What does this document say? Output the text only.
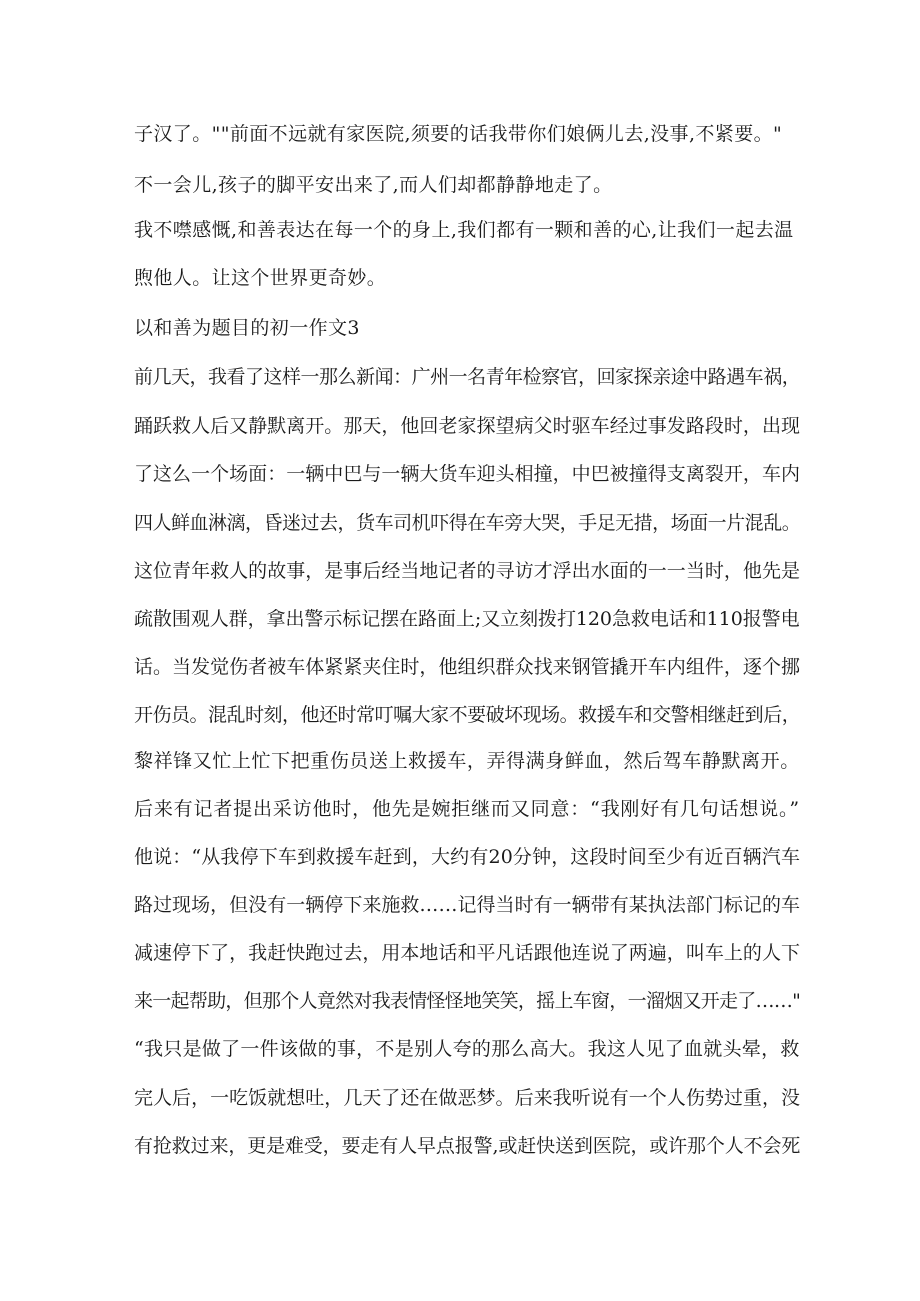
子汉了。""前面不远就有家医院,须要的话我带你们娘俩儿去,没事,不紧要。"
不一会儿,孩子的脚平安出来了,而人们却都静静地走了。
我不噤感慨,和善表达在每一个的身上,我们都有一颗和善的心,让我们一起去温
煦他人。让这个世界更奇妙。
以和善为题目的初一作文3
前几天，我看了这样一那么新闻：广州一名青年检察官，回家探亲途中路遇车祸，
踊跃救人后又静默离开。那天，他回老家探望病父时驱车经过事发路段时，出现
了这么一个场面：一辆中巴与一辆大货车迎头相撞，中巴被撞得支离裂开，车内
四人鲜血淋漓，昏迷过去，货车司机吓得在车旁大哭，手足无措，场面一片混乱。
这位青年救人的故事，是事后经当地记者的寻访才浮出水面的一一当时，他先是
疏散围观人群，拿出警示标记摆在路面上;又立刻拨打120急救电话和110报警电
话。当发觉伤者被车体紧紧夹住时，他组织群众找来钢管撬开车内组件，逐个挪
开伤员。混乱时刻，他还时常叮嘱大家不要破坏现场。救援车和交警相继赶到后，
黎祥锋又忙上忙下把重伤员送上救援车，弄得满身鲜血，然后驾车静默离开。
后来有记者提出采访他时，他先是婉拒继而又同意：“我刚好有几句话想说。”
他说：“从我停下车到救援车赶到，大约有20分钟，这段时间至少有近百辆汽车
路过现场，但没有一辆停下来施救……记得当时有一辆带有某执法部门标记的车
减速停下了，我赶快跑过去，用本地话和平凡话跟他连说了两遍，叫车上的人下
来一起帮助，但那个人竟然对我表情怪怪地笑笑，摇上车窗，一溜烟又开走了……"
“我只是做了一件该做的事，不是别人夸的那么高大。我这人见了血就头晕，救
完人后，一吃饭就想吐，几天了还在做恶梦。后来我听说有一个人伤势过重，没
有抢救过来，更是难受，要走有人早点报警,或赶快送到医院，或许那个人不会死
